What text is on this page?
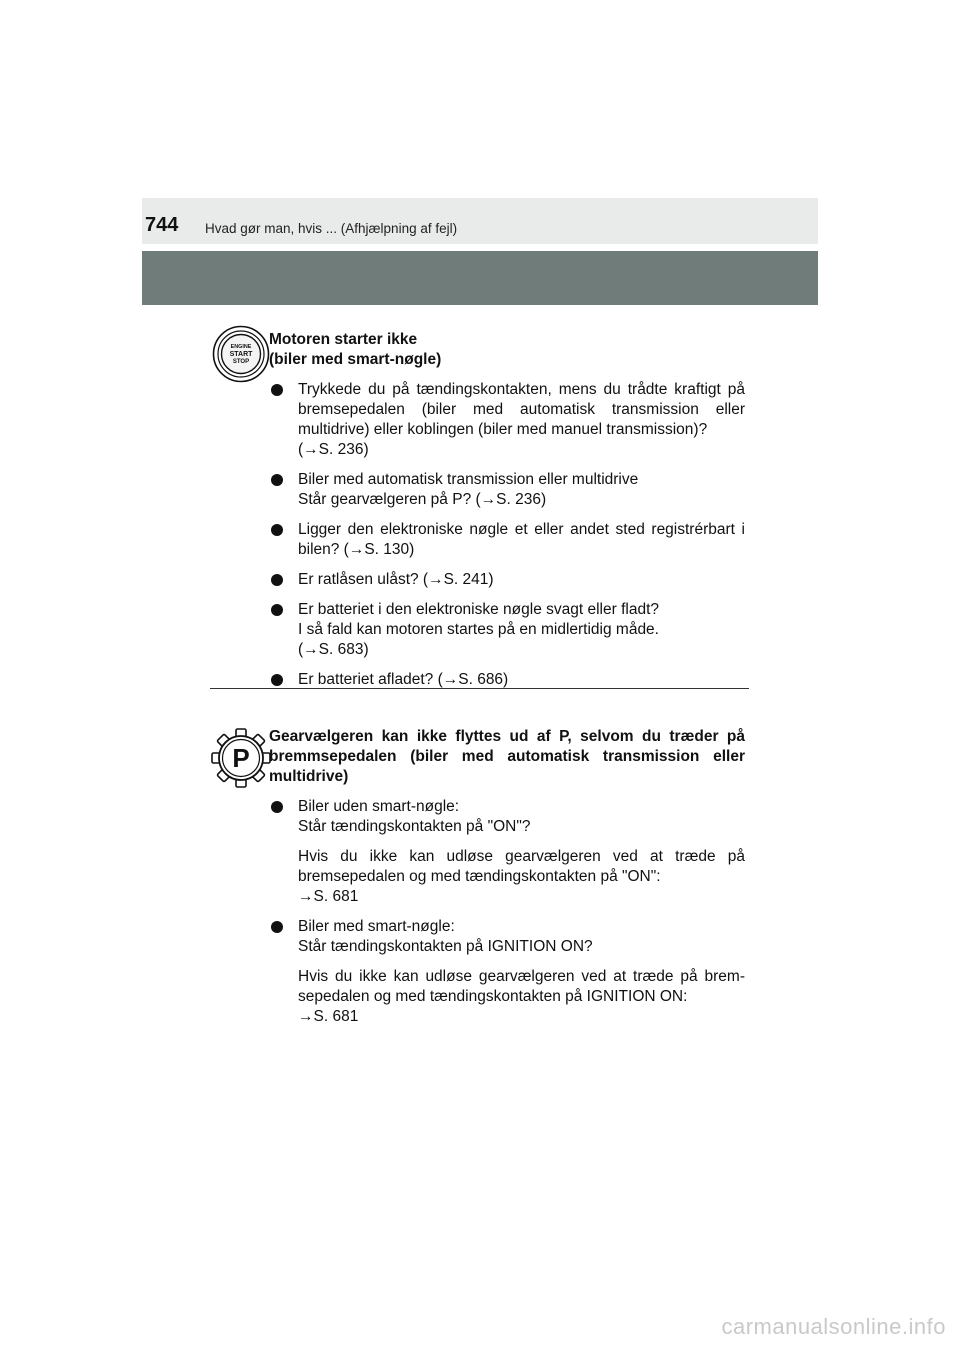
744 Hvad gør man, hvis ... (Afhjælpning af fejl)
ENGINE
START
STOP
Motoren starter ikke
(biler med smart-nøgle)
Trykkede du på tændingskontakten, mens du trådte kraftigt på bremsepedalen (biler med automatisk transmission eller multidrive) eller koblingen (biler med manuel transmission)?
(→S. 236)
Biler med automatisk transmission eller multidrive
Står gearvælgeren på P? (→S. 236)
Ligger den elektroniske nøgle et eller andet sted registrérbart i bilen? (→S. 130)
Er ratlåsen ulåst? (→S. 241)
Er batteriet i den elektroniske nøgle svagt eller fladt?
I så fald kan motoren startes på en midlertidig måde.
(→S. 683)
Er batteriet afladet? (→S. 686)
P
Gearvælgeren kan ikke flyttes ud af P, selvom du træder på bremmsepedalen (biler med automatisk transmission eller multidrive)
Biler uden smart-nøgle:
Står tændingskontakten på "ON"?
Hvis du ikke kan udløse gearvælgeren ved at træde på bremsepedalen og med tændingskontakten på "ON":
→S. 681
Biler med smart-nøgle:
Står tændingskontakten på IGNITION ON?
Hvis du ikke kan udløse gearvælgeren ved at træde på brem-sepedalen og med tændingskontakten på IGNITION ON:
→S. 681
carmanualsonline.info
